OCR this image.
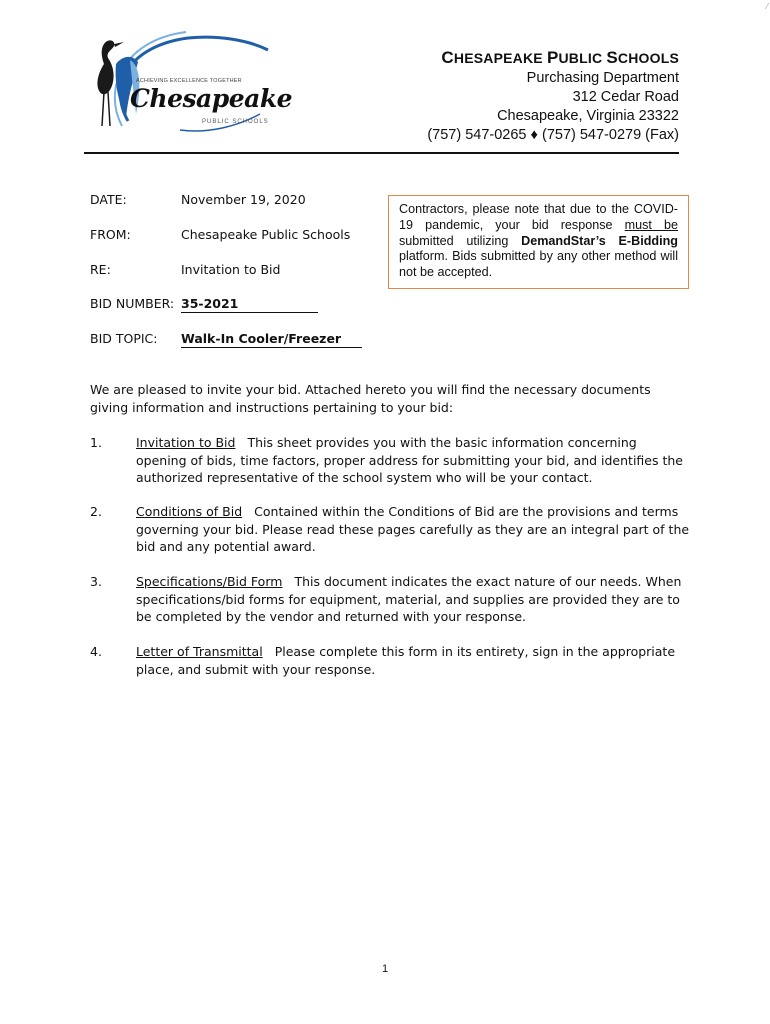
⁄
ACHIEVING EXCELLENCE TOGETHER
Chesapeake
PUBLIC SCHOOLS
CHESAPEAKE PUBLIC SCHOOLS
Purchasing Department
312 Cedar Road
Chesapeake, Virginia 23322
(757) 547-0265 ♦ (757) 547-0279 (Fax)
DATE:	November 19, 2020
FROM:	Chesapeake Public Schools
RE:	Invitation to Bid
BID NUMBER: 35-2021
BID TOPIC: Walk-In Cooler/Freezer
Contractors, please note that due to the COVID-19 pandemic, your bid response must be submitted utilizing DemandStar’s E-Bidding platform. Bids submitted by any other method will not be accepted.
We are pleased to invite your bid. Attached hereto you will find the necessary documents giving information and instructions pertaining to your bid:
1.	Invitation to Bid This sheet provides you with the basic information concerning opening of bids, time factors, proper address for submitting your bid, and identifies the authorized representative of the school system who will be your contact.
2.	Conditions of Bid Contained within the Conditions of Bid are the provisions and terms governing your bid. Please read these pages carefully as they are an integral part of the bid and any potential award.
3.	Specifications/Bid Form This document indicates the exact nature of our needs. When specifications/bid forms for equipment, material, and supplies are provided they are to be completed by the vendor and returned with your response.
4.	Letter of Transmittal Please complete this form in its entirety, sign in the appropriate place, and submit with your response.
1
